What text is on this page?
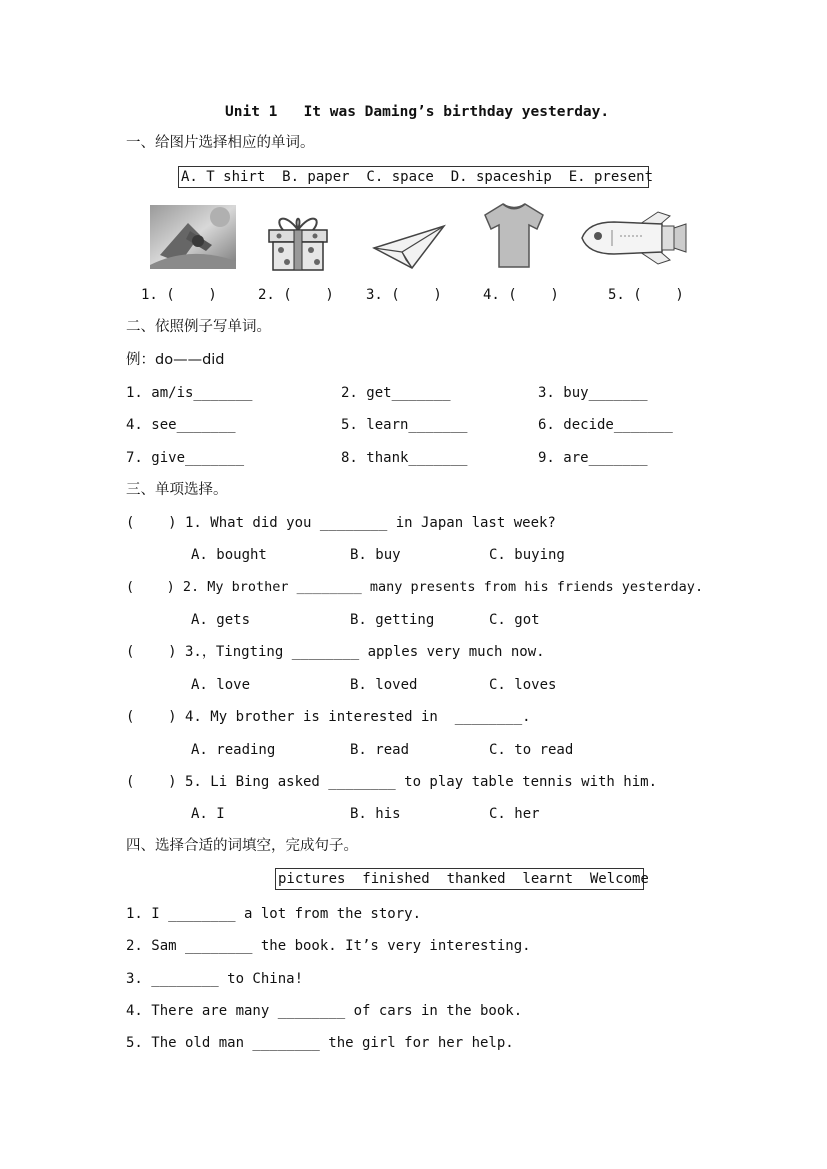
Unit 1   It was Daming’s birthday yesterday.
一、给图片选择相应的单词。
A. T shirt  B. paper  C. space  D. spaceship  E. present
1. (    )	2. (    ) 3. (    )	4. (    )	5. (    )
二、依照例子写单词。
例：do——did
1. am/is_______	2. get_______	3. buy_______
4. see_______	5. learn_______	6. decide_______
7. give_______	8. thank_______	9. are_______
三、单项选择。
(    ) 1. What did you ________ in Japan last week?
A. bought	B. buy	C. buying
(    ) 2. My brother ________ many presents from his friends yesterday.
A. gets	B. getting	C. got
(    ) 3.，Tingting ________ apples very much now.
A. love	B. loved	C. loves
(    ) 4. My brother is interested in  ________.
A. reading	B. read	C. to read
(    ) 5. Li Bing asked ________ to play table tennis with him.
A. I	B. his	C. her
四、选择合适的词填空，完成句子。
pictures  finished  thanked  learnt  Welcome
1. I ________ a lot from the story.
2. Sam ________ the book. It’s very interesting.
3. ________ to China!
4. There are many ________ of cars in the book.
5. The old man ________ the girl for her help.
